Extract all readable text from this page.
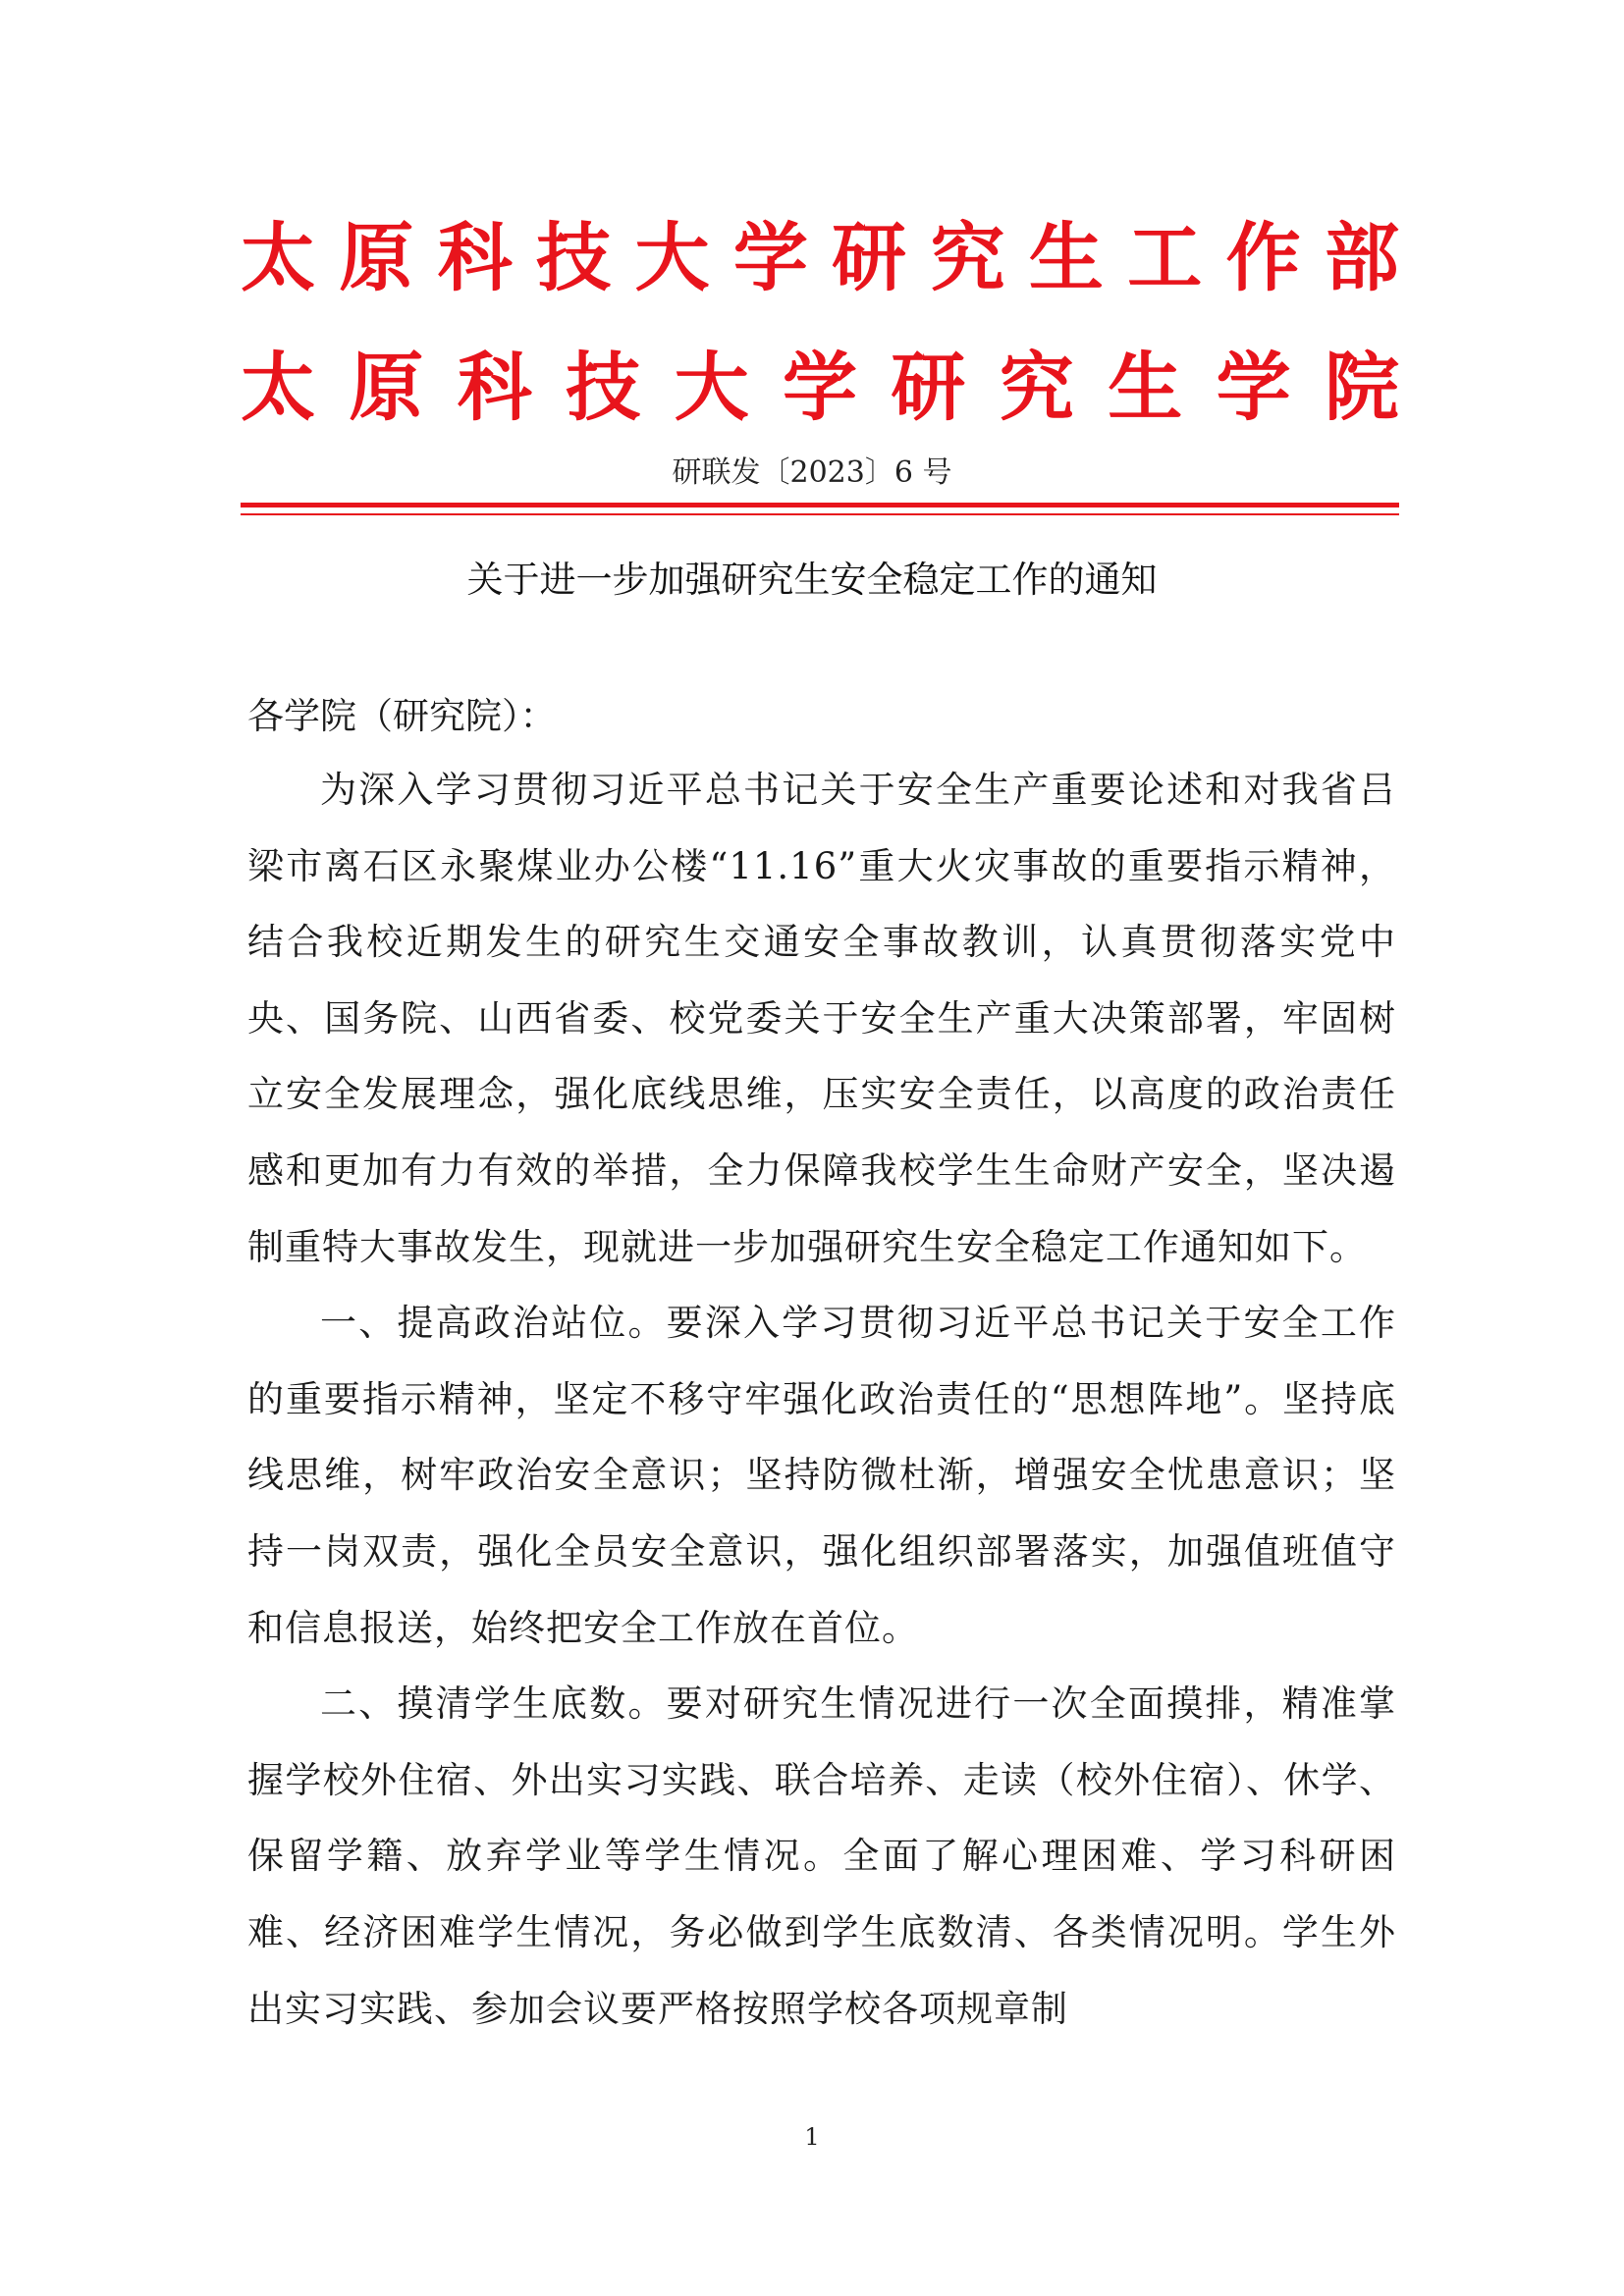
太原科技大学研究生工作部
太原科技大学研究生学院
研联发〔2023〕6 号
关于进一步加强研究生安全稳定工作的通知
各学院（研究院）：

为深入学习贯彻习近平总书记关于安全生产重要论述和对我省吕梁市离石区永聚煤业办公楼“11.16”重大火灾事故的重要指示精神，结合我校近期发生的研究生交通安全事故教训，认真贯彻落实党中央、国务院、山西省委、校党委关于安全生产重大决策部署，牢固树立安全发展理念，强化底线思维，压实安全责任，以高度的政治责任感和更加有力有效的举措，全力保障我校学生生命财产安全，坚决遏制重特大事故发生，现就进一步加强研究生安全稳定工作通知如下。

一、提高政治站位。要深入学习贯彻习近平总书记关于安全工作的重要指示精神，坚定不移守牢强化政治责任的“思想阵地”。坚持底线思维，树牢政治安全意识；坚持防微杜渐，增强安全忧患意识；坚持一岗双责，强化全员安全意识，强化组织部署落实，加强值班值守和信息报送，始终把安全工作放在首位。

二、摸清学生底数。要对研究生情况进行一次全面摸排，精准掌握学校外住宿、外出实习实践、联合培养、走读（校外住宿）、休学、保留学籍、放弃学业等学生情况。全面了解心理困难、学习科研困难、经济困难学生情况，务必做到学生底数清、各类情况明。学生外出实习实践、参加会议要严格按照学校各项规章制

1
